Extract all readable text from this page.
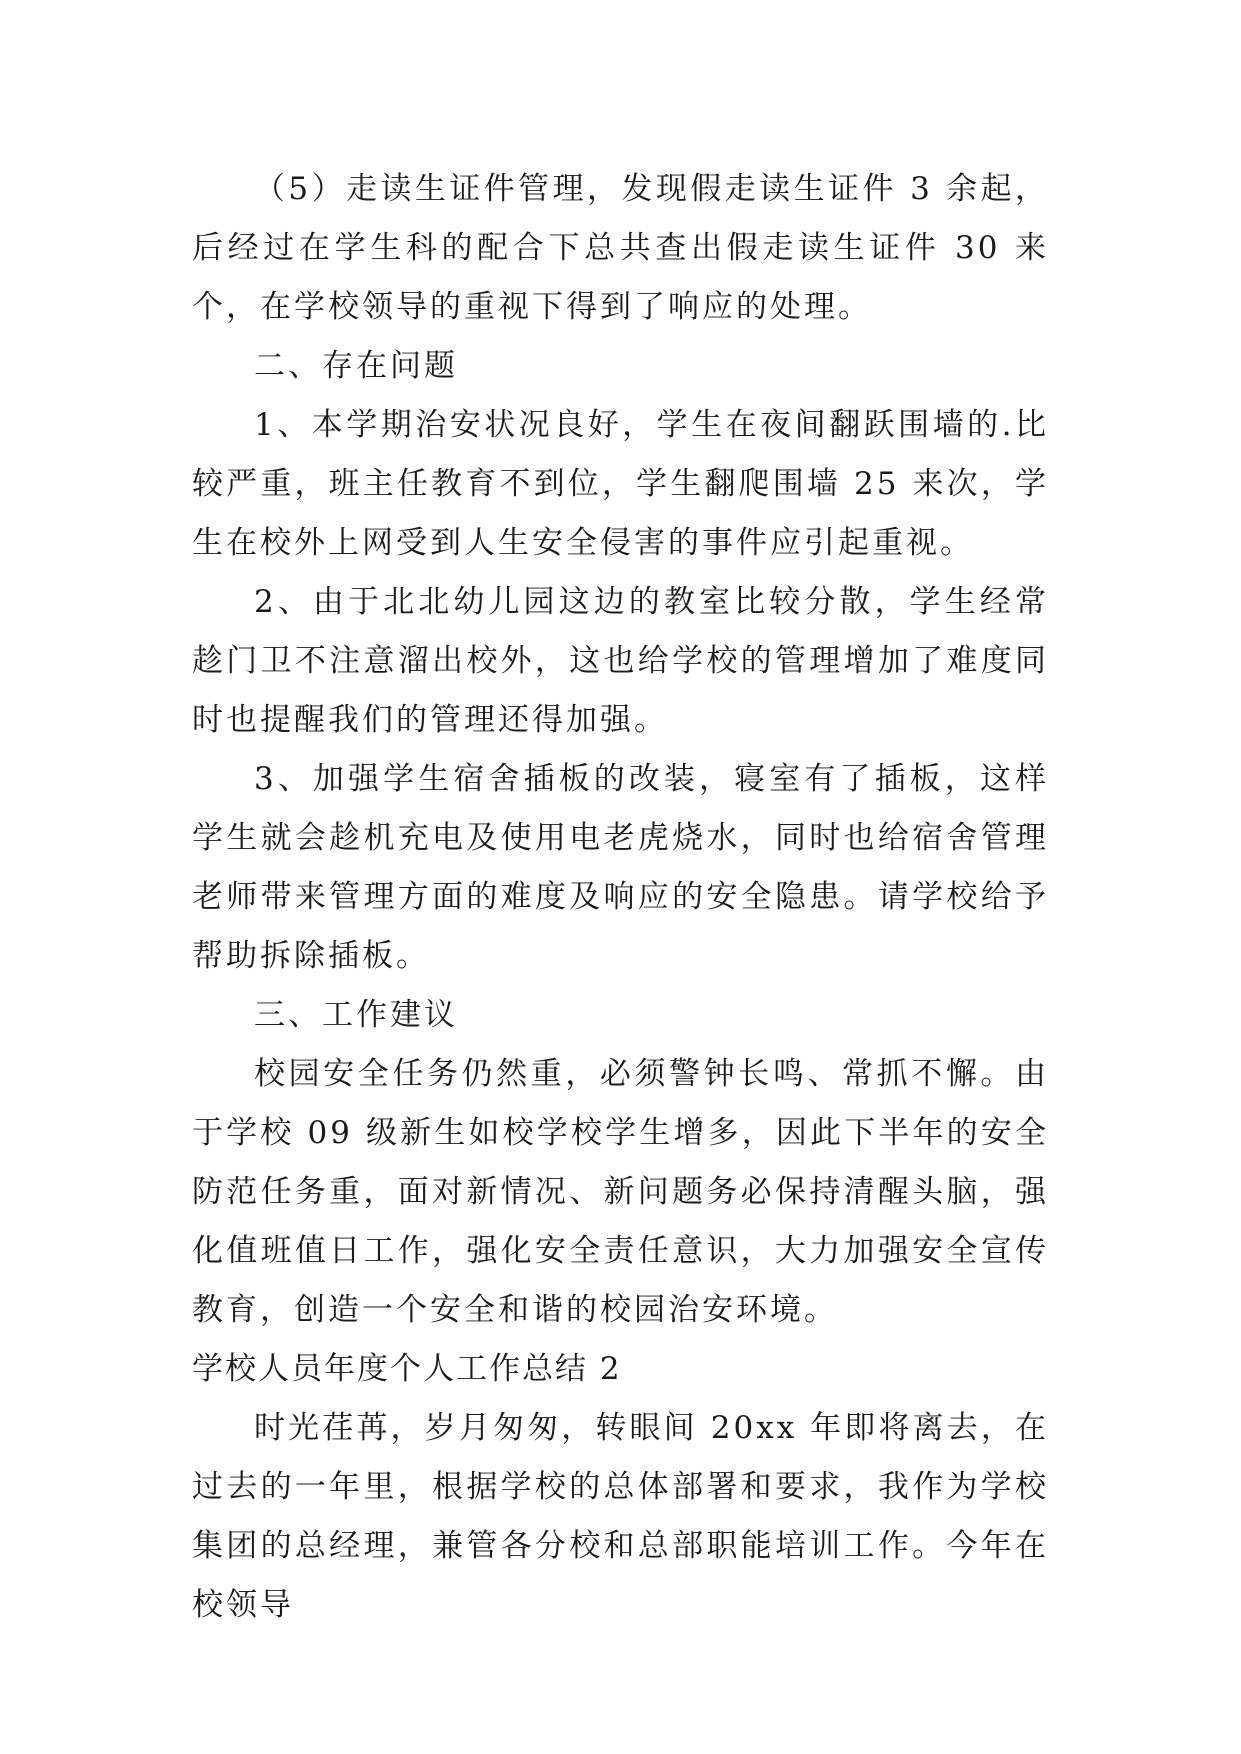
（5）走读生证件管理，发现假走读生证件 3 余起，后经过在学生科的配合下总共查出假走读生证件 30 来个，在学校领导的重视下得到了响应的处理。

二、存在问题

1、本学期治安状况良好，学生在夜间翻跃围墙的.比较严重，班主任教育不到位，学生翻爬围墙 25 来次，学生在校外上网受到人生安全侵害的事件应引起重视。

2、由于北北幼儿园这边的教室比较分散，学生经常趁门卫不注意溜出校外，这也给学校的管理增加了难度同时也提醒我们的管理还得加强。

3、加强学生宿舍插板的改装，寝室有了插板，这样学生就会趁机充电及使用电老虎烧水，同时也给宿舍管理老师带来管理方面的难度及响应的安全隐患。请学校给予帮助拆除插板。

三、工作建议

校园安全任务仍然重，必须警钟长鸣、常抓不懈。由于学校 09 级新生如校学校学生增多，因此下半年的安全防范任务重，面对新情况、新问题务必保持清醒头脑，强化值班值日工作，强化安全责任意识，大力加强安全宣传教育，创造一个安全和谐的校园治安环境。

学校人员年度个人工作总结 2

时光荏苒，岁月匆匆，转眼间 20xx 年即将离去，在过去的一年里，根据学校的总体部署和要求，我作为学校集团的总经理，兼管各分校和总部职能培训工作。今年在校领导
